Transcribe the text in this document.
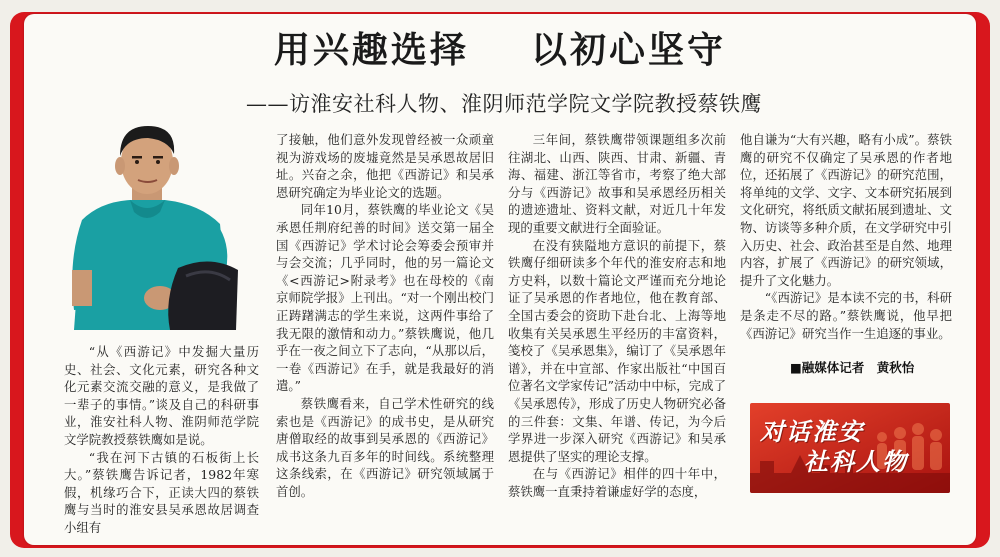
用兴趣选择    以初心坚守
——访淮安社科人物、淮阴师范学院文学院教授蔡铁鹰

“从《西游记》中发掘大量历史、社会、文化元素，研究各种文化元素交流交融的意义，是我做了一辈子的事情。”谈及自己的科研事业，淮安社科人物、淮阴师范学院文学院教授蔡铁鹰如是说。

“我在河下古镇的石板街上长大。”蔡铁鹰告诉记者，1982年寒假，机缘巧合下，正读大四的蔡铁鹰与当时的淮安县吴承恩故居调查小组有

了接触，他们意外发现曾经被一众顽童视为游戏场的废墟竟然是吴承恩故居旧址。兴奋之余，他把《西游记》和吴承恩研究确定为毕业论文的选题。

同年10月，蔡铁鹰的毕业论文《吴承恩任荆府纪善的时间》送交第一届全国《西游记》学术讨论会筹委会预审并与会交流；几乎同时，他的另一篇论文《<西游记>附录考》也在母校的《南京师院学报》上刊出。“对一个刚出校门正踌躇满志的学生来说，这两件事给了我无限的激情和动力。”蔡铁鹰说，他几乎在一夜之间立下了志向，“从那以后，一卷《西游记》在手，就是我最好的消遣。”

蔡铁鹰看来，自己学术性研究的线索也是《西游记》的成书史，是从研究唐僧取经的故事到吴承恩的《西游记》成书这条九百多年的时间线。系统整理这条线索，在《西游记》研究领域属于首创。

三年间，蔡铁鹰带领课题组多次前往湖北、山西、陕西、甘肃、新疆、青海、福建、浙江等省市，考察了绝大部分与《西游记》故事和吴承恩经历相关的遗迹遗址、资料文献，对近几十年发现的重要文献进行全面验证。

在没有狭隘地方意识的前提下，蔡铁鹰仔细研读多个年代的淮安府志和地方史料，以数十篇论文严谨而充分地论证了吴承恩的作者地位，他在教育部、全国古委会的资助下赴台北、上海等地收集有关吴承恩生平经历的丰富资料，笺校了《吴承恩集》，编订了《吴承恩年谱》，并在中宣部、作家出版社“中国百位著名文学家传记”活动中中标，完成了《吴承恩传》，形成了历史人物研究必备的三件套：文集、年谱、传记，为今后学界进一步深入研究《西游记》和吴承恩提供了坚实的理论支撑。

在与《西游记》相伴的四十年中，蔡铁鹰一直秉持着谦虚好学的态度，

他自谦为“大有兴趣，略有小成”。蔡铁鹰的研究不仅确定了吴承恩的作者地位，还拓展了《西游记》的研究范围，将单纯的文学、文字、文本研究拓展到文化研究，将纸质文献拓展到遗址、文物、访谈等多种介质，在文学研究中引入历史、社会、政治甚至是自然、地理内容，扩展了《西游记》的研究领域，提升了文化魅力。

“《西游记》是本读不完的书，科研是条走不尽的路。”蔡铁鹰说，他早把《西游记》研究当作一生追逐的事业。

■融媒体记者　黄秋怡
对话淮安
社科人物
